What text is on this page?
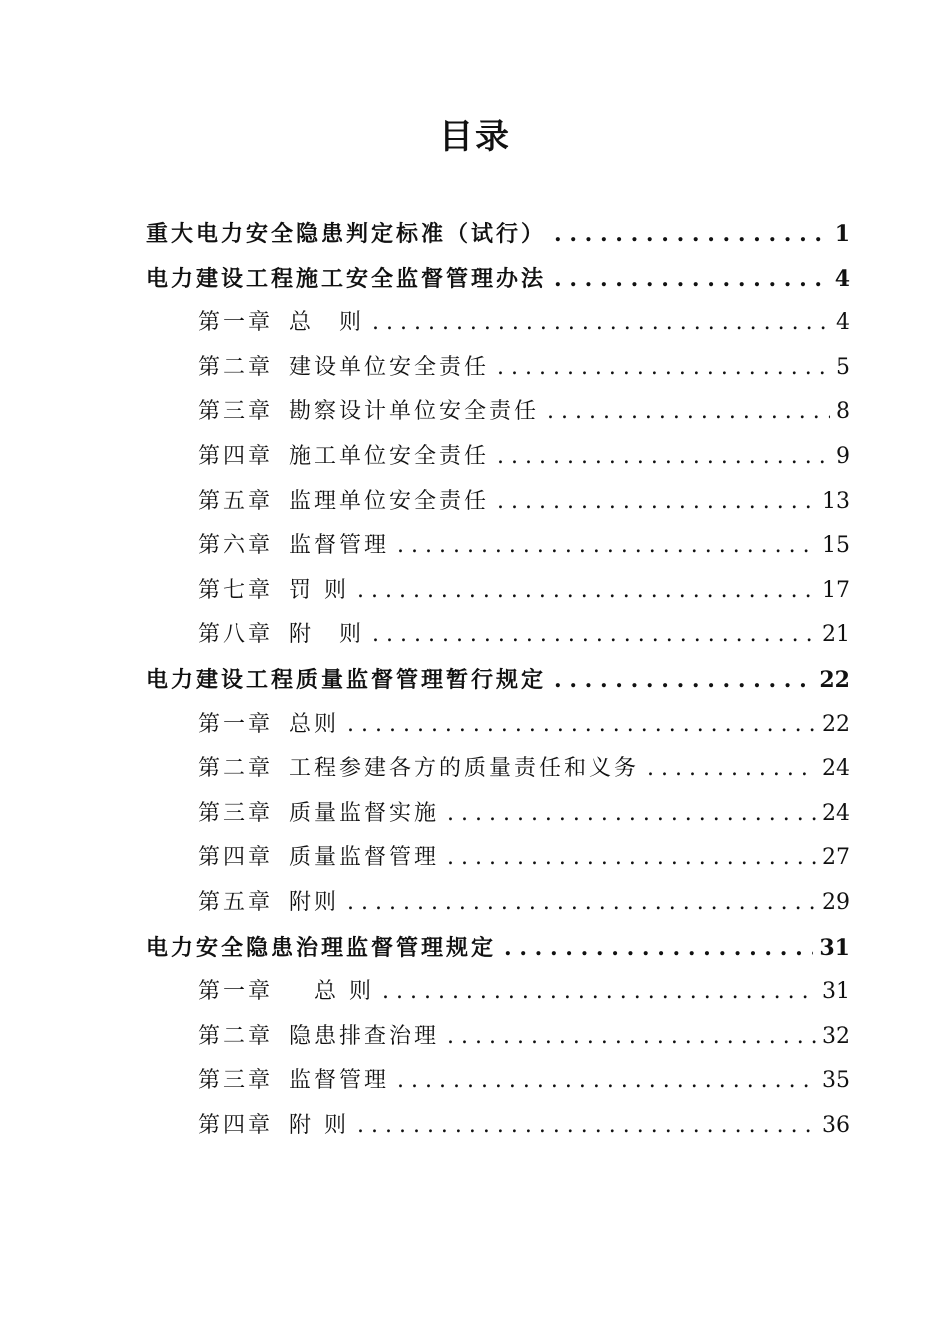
目录
重大电力安全隐患判定标准（试行） . . .	1
电力建设工程施工安全监督管理办法 . . .	4
第一章 总　则 . . .	4
第二章 建设单位安全责任 . . .	5
第三章 勘察设计单位安全责任 . . .	8
第四章 施工单位安全责任 . . .	9
第五章 监理单位安全责任 . . .	13
第六章 监督管理 . . .	15
第七章 罚 则 . . .	17
第八章 附　则 . . .	21
电力建设工程质量监督管理暂行规定 . . .	22
第一章 总则 . . .	22
第二章 工程参建各方的质量责任和义务 . . .	24
第三章 质量监督实施 . . .	24
第四章 质量监督管理 . . .	27
第五章 附则 . . .	29
电力安全隐患治理监督管理规定 . . .	31
第一章 　总 则 . . .	31
第二章 隐患排查治理 . . .	32
第三章 监督管理 . . .	35
第四章 附 则 . . .	36
